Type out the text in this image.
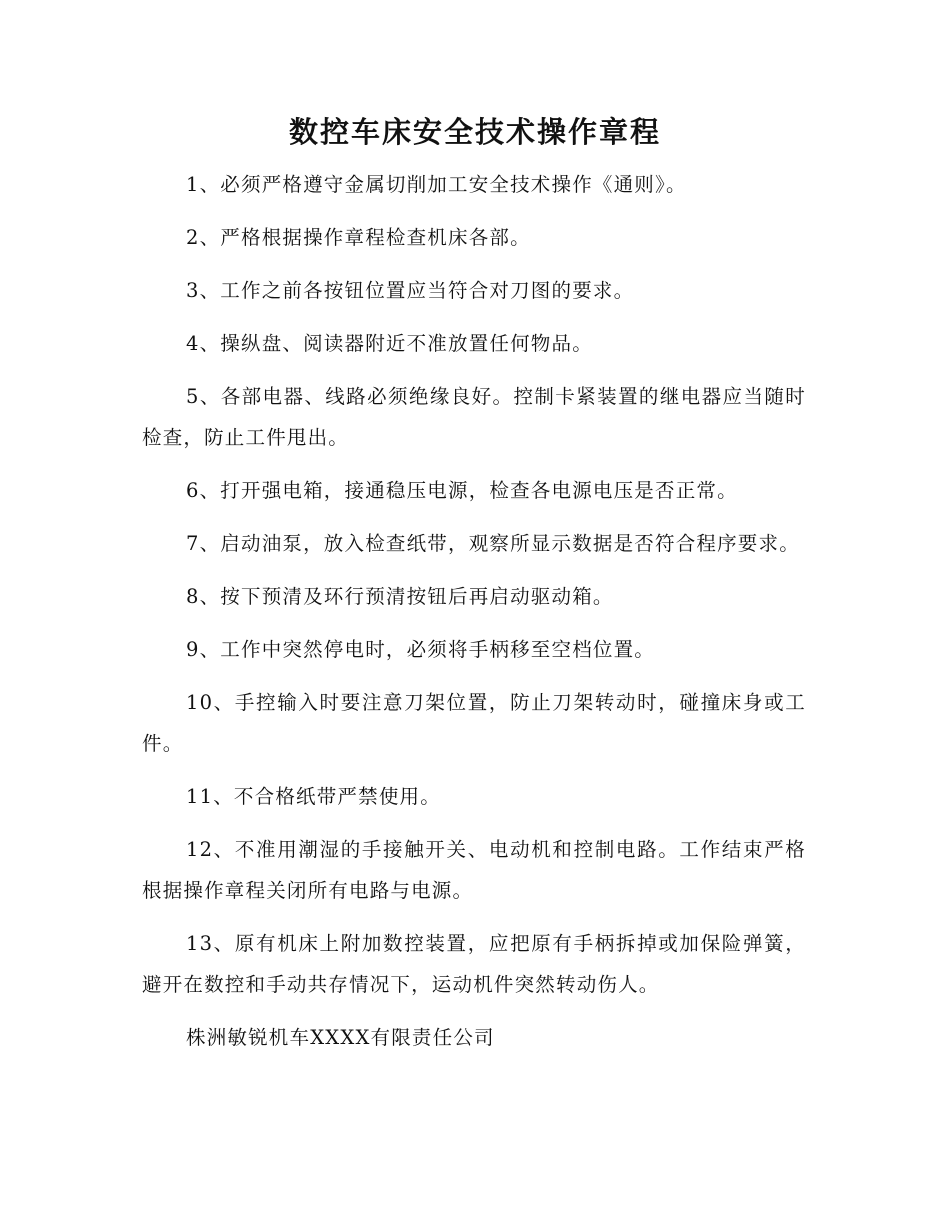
数控车床安全技术操作章程

1、必须严格遵守金属切削加工安全技术操作《通则》。

2、严格根据操作章程检查机床各部。

3、工作之前各按钮位置应当符合对刀图的要求。

4、操纵盘、阅读器附近不准放置任何物品。

5、各部电器、线路必须绝缘良好。控制卡紧装置的继电器应当随时检查，防止工件甩出。

6、打开强电箱，接通稳压电源，检查各电源电压是否正常。

7、启动油泵，放入检查纸带，观察所显示数据是否符合程序要求。

8、按下预清及环行预清按钮后再启动驱动箱。

9、工作中突然停电时，必须将手柄移至空档位置。

10、手控输入时要注意刀架位置，防止刀架转动时，碰撞床身或工件。

11、不合格纸带严禁使用。

12、不准用潮湿的手接触开关、电动机和控制电路。工作结束严格根据操作章程关闭所有电路与电源。

13、原有机床上附加数控装置，应把原有手柄拆掉或加保险弹簧，避开在数控和手动共存情况下，运动机件突然转动伤人。

株洲敏锐机车XXXX有限责任公司
